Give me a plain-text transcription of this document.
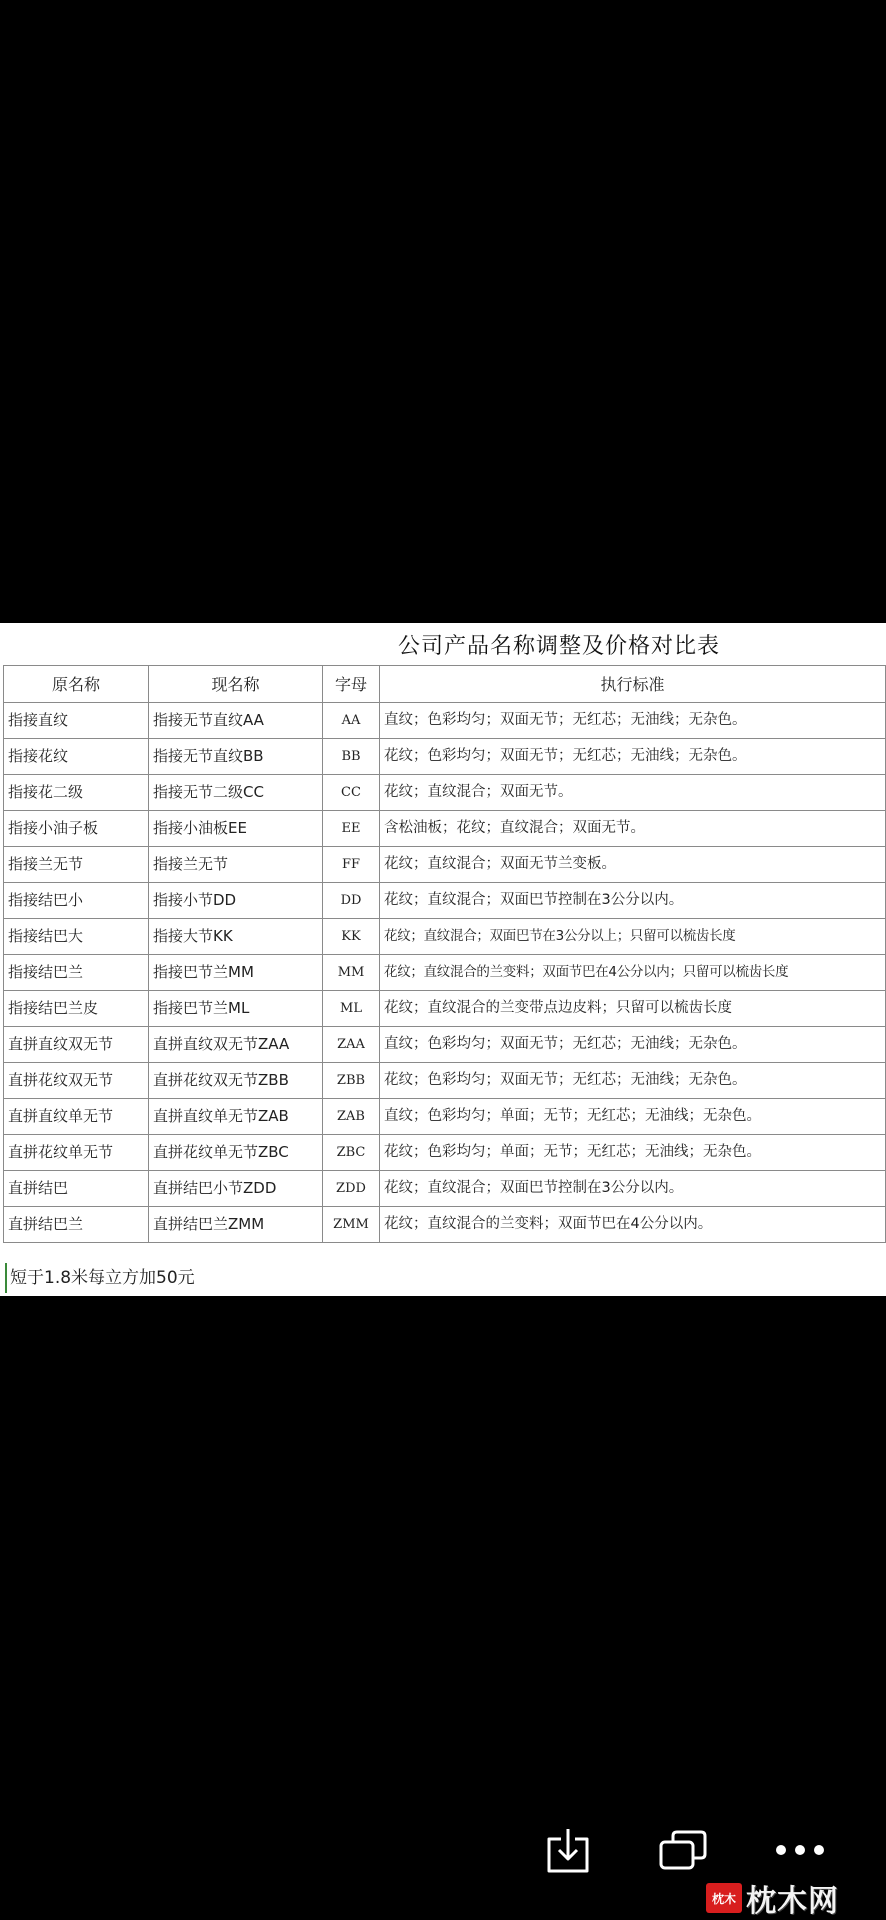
公司产品名称调整及价格对比表
原名称	现名称	字母	执行标准
指接直纹	指接无节直纹AA	AA	直纹；色彩均匀；双面无节；无红芯；无油线；无杂色。
指接花纹	指接无节直纹BB	BB	花纹；色彩均匀；双面无节；无红芯；无油线；无杂色。
指接花二级	指接无节二级CC	CC	花纹；直纹混合；双面无节。
指接小油子板	指接小油板EE	EE	含松油板；花纹；直纹混合；双面无节。
指接兰无节	指接兰无节	FF	花纹；直纹混合；双面无节兰变板。
指接结巴小	指接小节DD	DD	花纹；直纹混合；双面巴节控制在3公分以内。
指接结巴大	指接大节KK	KK	花纹；直纹混合；双面巴节在3公分以上；只留可以梳齿长度
指接结巴兰	指接巴节兰MM	MM	花纹；直纹混合的兰变料；双面节巴在4公分以内；只留可以梳齿长度
指接结巴兰皮	指接巴节兰ML	ML	花纹；直纹混合的兰变带点边皮料；只留可以梳齿长度
直拼直纹双无节	直拼直纹双无节ZAA	ZAA	直纹；色彩均匀；双面无节；无红芯；无油线；无杂色。
直拼花纹双无节	直拼花纹双无节ZBB	ZBB	花纹；色彩均匀；双面无节；无红芯；无油线；无杂色。
直拼直纹单无节	直拼直纹单无节ZAB	ZAB	直纹；色彩均匀；单面；无节；无红芯；无油线；无杂色。
直拼花纹单无节	直拼花纹单无节ZBC	ZBC	花纹；色彩均匀；单面；无节；无红芯；无油线；无杂色。
直拼结巴	直拼结巴小节ZDD	ZDD	花纹；直纹混合；双面巴节控制在3公分以内。
直拼结巴兰	直拼结巴兰ZMM	ZMM	花纹；直纹混合的兰变料；双面节巴在4公分以内。
短于1.8米每立方加50元
枕木 枕木网
